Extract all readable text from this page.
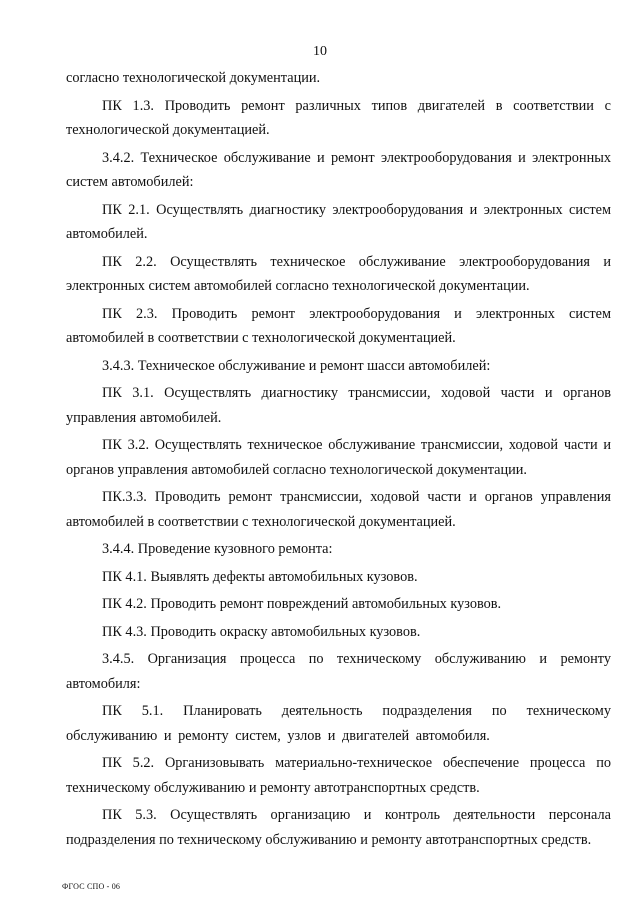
10

согласно технологической документации.

ПК 1.3. Проводить ремонт различных типов двигателей в соответствии с технологической документацией.

3.4.2. Техническое обслуживание и ремонт электрооборудования и электронных систем автомобилей:

ПК 2.1. Осуществлять диагностику электрооборудования и электронных систем автомобилей.

ПК 2.2. Осуществлять техническое обслуживание электрооборудования и электронных систем автомобилей согласно технологической документации.

ПК 2.3. Проводить ремонт электрооборудования и электронных систем автомобилей в соответствии с технологической документацией.

3.4.3. Техническое обслуживание и ремонт шасси автомобилей:

ПК 3.1. Осуществлять диагностику трансмиссии, ходовой части и органов управления автомобилей.

ПК 3.2. Осуществлять техническое обслуживание трансмиссии, ходовой части и органов управления автомобилей согласно технологической документации.

ПК.3.3. Проводить ремонт трансмиссии, ходовой части и органов управления автомобилей в соответствии с технологической документацией.

3.4.4. Проведение кузовного ремонта:

ПК 4.1. Выявлять дефекты автомобильных кузовов.

ПК 4.2. Проводить ремонт повреждений автомобильных кузовов.

ПК 4.3. Проводить окраску автомобильных кузовов.

3.4.5. Организация процесса по техническому обслуживанию и ремонту автомобиля:

ПК 5.1. Планировать деятельность подразделения по техническому обслуживанию и ремонту систем, узлов и двигателей автомобиля.

ПК 5.2. Организовывать материально-техническое обеспечение процесса по техническому обслуживанию и ремонту автотранспортных средств.

ПК 5.3. Осуществлять организацию и контроль деятельности персонала подразделения по техническому обслуживанию и ремонту автотранспортных средств.

ФГОС СПО - 06
